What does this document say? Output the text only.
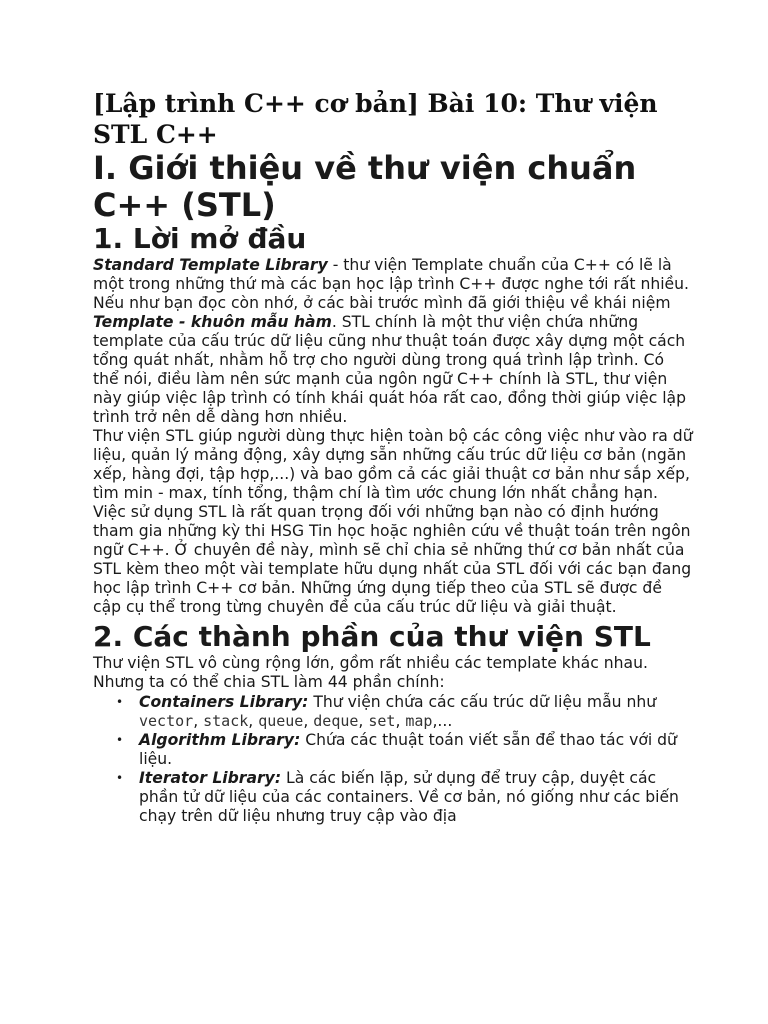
[Lập trình C++ cơ bản] Bài 10: Thư viện STL C++
I. Giới thiệu về thư viện chuẩn C++ (STL)
1. Lời mở đầu

Standard Template Library - thư viện Template chuẩn của C++ có lẽ là một trong những thứ mà các bạn học lập trình C++ được nghe tới rất nhiều. Nếu như bạn đọc còn nhớ, ở các bài trước mình đã giới thiệu về khái niệm Template - khuôn mẫu hàm. STL chính là một thư viện chứa những template của cấu trúc dữ liệu cũng như thuật toán được xây dựng một cách tổng quát nhất, nhằm hỗ trợ cho người dùng trong quá trình lập trình. Có thể nói, điều làm nên sức mạnh của ngôn ngữ C++ chính là STL, thư viện này giúp việc lập trình có tính khái quát hóa rất cao, đồng thời giúp việc lập trình trở nên dễ dàng hơn nhiều.

Thư viện STL giúp người dùng thực hiện toàn bộ các công việc như vào ra dữ liệu, quản lý mảng động, xây dựng sẵn những cấu trúc dữ liệu cơ bản (ngăn xếp, hàng đợi, tập hợp,...) và bao gồm cả các giải thuật cơ bản như sắp xếp, tìm min - max, tính tổng, thậm chí là tìm ước chung lớn nhất chẳng hạn. Việc sử dụng STL là rất quan trọng đối với những bạn nào có định hướng tham gia những kỳ thi HSG Tin học hoặc nghiên cứu về thuật toán trên ngôn ngữ C++. Ở chuyên đề này, mình sẽ chỉ chia sẻ những thứ cơ bản nhất của STL kèm theo một vài template hữu dụng nhất của STL đối với các bạn đang học lập trình C++ cơ bản. Những ứng dụng tiếp theo của STL sẽ được đề cập cụ thể trong từng chuyên đề của cấu trúc dữ liệu và giải thuật.

2. Các thành phần của thư viện STL

Thư viện STL vô cùng rộng lớn, gồm rất nhiều các template khác nhau. Nhưng ta có thể chia STL làm 44 phần chính:

• Containers Library: Thư viện chứa các cấu trúc dữ liệu mẫu như vector, stack, queue, deque, set, map,...
• Algorithm Library: Chứa các thuật toán viết sẵn để thao tác với dữ liệu.
• Iterator Library: Là các biến lặp, sử dụng để truy cập, duyệt các phần tử dữ liệu của các containers. Về cơ bản, nó giống như các biến chạy trên dữ liệu nhưng truy cập vào địa
